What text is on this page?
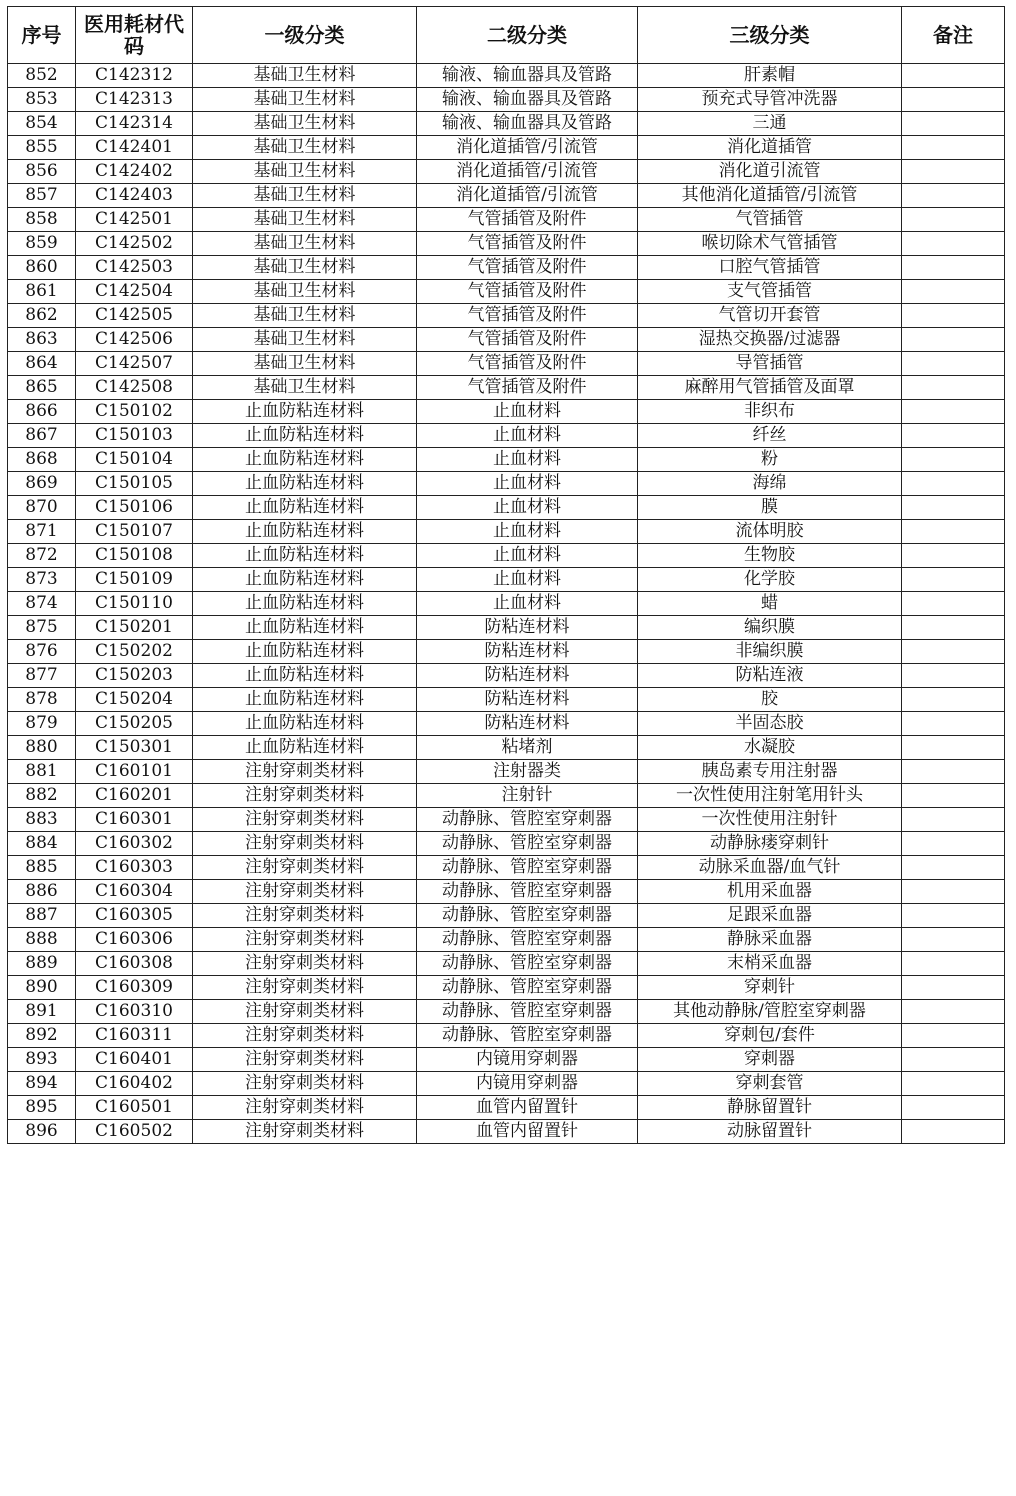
序号	医用耗材代码	一级分类	二级分类	三级分类	备注
852	C142312	基础卫生材料	输液、输血器具及管路	肝素帽	
853	C142313	基础卫生材料	输液、输血器具及管路	预充式导管冲洗器	
854	C142314	基础卫生材料	输液、输血器具及管路	三通	
855	C142401	基础卫生材料	消化道插管/引流管	消化道插管	
856	C142402	基础卫生材料	消化道插管/引流管	消化道引流管	
857	C142403	基础卫生材料	消化道插管/引流管	其他消化道插管/引流管	
858	C142501	基础卫生材料	气管插管及附件	气管插管	
859	C142502	基础卫生材料	气管插管及附件	喉切除术气管插管	
860	C142503	基础卫生材料	气管插管及附件	口腔气管插管	
861	C142504	基础卫生材料	气管插管及附件	支气管插管	
862	C142505	基础卫生材料	气管插管及附件	气管切开套管	
863	C142506	基础卫生材料	气管插管及附件	湿热交换器/过滤器	
864	C142507	基础卫生材料	气管插管及附件	导管插管	
865	C142508	基础卫生材料	气管插管及附件	麻醉用气管插管及面罩	
866	C150102	止血防粘连材料	止血材料	非织布	
867	C150103	止血防粘连材料	止血材料	纤丝	
868	C150104	止血防粘连材料	止血材料	粉	
869	C150105	止血防粘连材料	止血材料	海绵	
870	C150106	止血防粘连材料	止血材料	膜	
871	C150107	止血防粘连材料	止血材料	流体明胶	
872	C150108	止血防粘连材料	止血材料	生物胶	
873	C150109	止血防粘连材料	止血材料	化学胶	
874	C150110	止血防粘连材料	止血材料	蜡	
875	C150201	止血防粘连材料	防粘连材料	编织膜	
876	C150202	止血防粘连材料	防粘连材料	非编织膜	
877	C150203	止血防粘连材料	防粘连材料	防粘连液	
878	C150204	止血防粘连材料	防粘连材料	胶	
879	C150205	止血防粘连材料	防粘连材料	半固态胶	
880	C150301	止血防粘连材料	粘堵剂	水凝胶	
881	C160101	注射穿刺类材料	注射器类	胰岛素专用注射器	
882	C160201	注射穿刺类材料	注射针	一次性使用注射笔用针头	
883	C160301	注射穿刺类材料	动静脉、管腔室穿刺器	一次性使用注射针	
884	C160302	注射穿刺类材料	动静脉、管腔室穿刺器	动静脉瘘穿刺针	
885	C160303	注射穿刺类材料	动静脉、管腔室穿刺器	动脉采血器/血气针	
886	C160304	注射穿刺类材料	动静脉、管腔室穿刺器	机用采血器	
887	C160305	注射穿刺类材料	动静脉、管腔室穿刺器	足跟采血器	
888	C160306	注射穿刺类材料	动静脉、管腔室穿刺器	静脉采血器	
889	C160308	注射穿刺类材料	动静脉、管腔室穿刺器	末梢采血器	
890	C160309	注射穿刺类材料	动静脉、管腔室穿刺器	穿刺针	
891	C160310	注射穿刺类材料	动静脉、管腔室穿刺器	其他动静脉/管腔室穿刺器	
892	C160311	注射穿刺类材料	动静脉、管腔室穿刺器	穿刺包/套件	
893	C160401	注射穿刺类材料	内镜用穿刺器	穿刺器	
894	C160402	注射穿刺类材料	内镜用穿刺器	穿刺套管	
895	C160501	注射穿刺类材料	血管内留置针	静脉留置针	
896	C160502	注射穿刺类材料	血管内留置针	动脉留置针	
